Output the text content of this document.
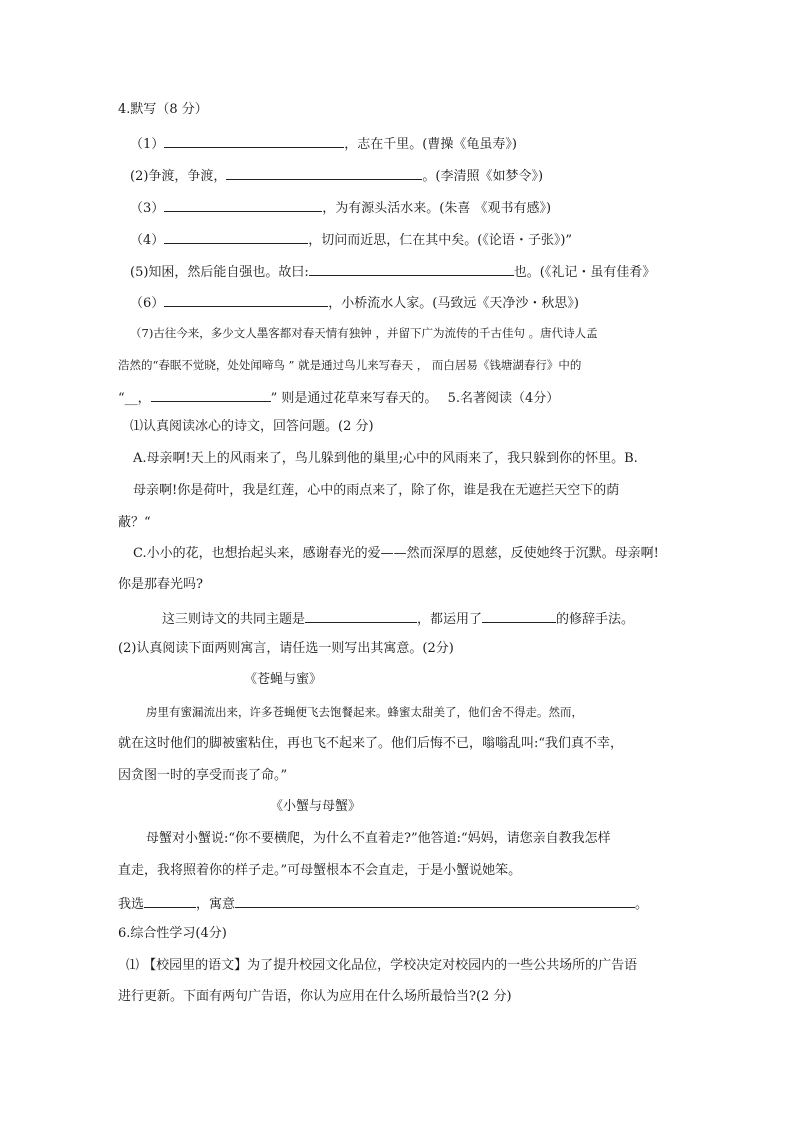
4.默写（8 分）
（1）	，志在千里。(曹操《龟虽寿》)
(2)争渡，争渡，	。(李清照《如梦令》)
（3）	，为有源头活水来。(朱喜 《观书有感》)
（4）	，切问而近思，仁在其中矣。(《论语・子张》)”
(5)知困，然后能自强也。故曰:	也。(《礼记・虽有佳肴》
（6）	，小桥流水人家。(马致远《天净沙・秋思》)
（7)古往今来，多少文人墨客都对春天情有独钟 ，并留下广为流传的千古佳句 。唐代诗人孟
浩然的“春眠不觉晓，处处闻啼鸟 ” 就是通过鸟儿来写春天 ， 而白居易《钱塘湖春行》中的
“__，	” 则是通过花草来写春天的。 5.名著阅读（4分）
⑴认真阅读冰心的诗文，回答问题。(2 分)
A.母亲啊!天上的风雨来了，鸟儿躲到他的巢里;心中的风雨来了，我只躲到你的怀里。B.
母亲啊!你是荷叶，我是红莲，心中的雨点来了，除了你，谁是我在无遮拦天空下的荫
蔽？“
C.小小的花，也想抬起头来，感谢春光的爱——然而深厚的恩慈，反使她终于沉默。母亲啊!
你是那春光吗?
这三则诗文的共同主题是	，都运用了	的修辞手法。
(2)认真阅读下面两则寓言，请任选一则写出其寓意。(2分)
《苍蝇与蜜》
房里有蜜漏流出来，许多苍蝇便飞去饱餐起来。蜂蜜太甜美了，他们舍不得走。然而，
就在这时他们的脚被蜜粘住，再也飞不起来了。他们后悔不已，嗡嗡乱叫:“我们真不幸，
因贪图一时的享受而丧了命。”
《小蟹与母蟹》
母蟹对小蟹说:“你不要横爬，为什么不直着走?”他答道:“妈妈，请您亲自教我怎样
直走，我将照着你的样子走。”可母蟹根本不会直走，于是小蟹说她笨。
我选	，寓意	。
6.综合性学习(4分)
⑴ 【校园里的语文】为了提升校园文化品位，学校决定对校园内的一些公共场所的广告语
进行更新。下面有两句广告语，你认为应用在什么场所最恰当?(2 分)
